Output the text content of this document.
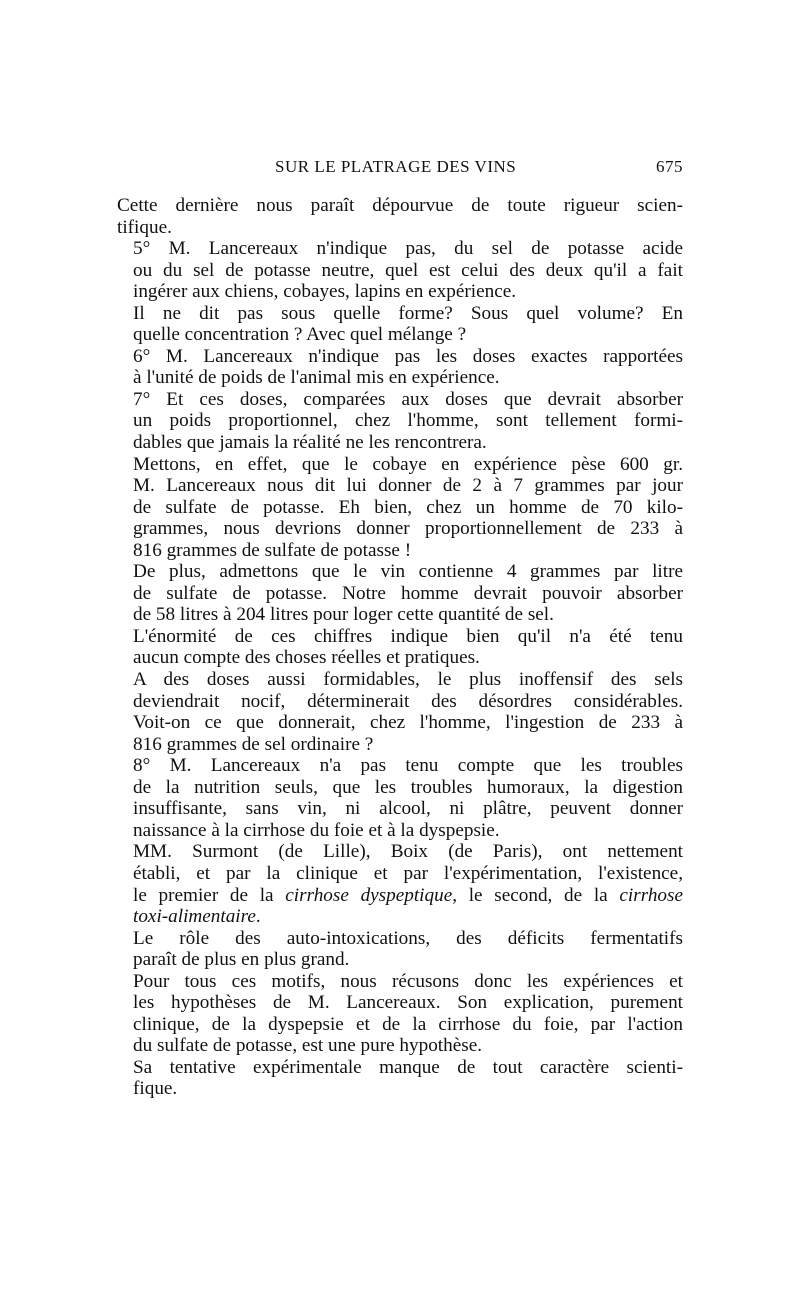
SUR LE PLATRAGE DES VINS	675

Cette dernière nous paraît dépourvue de toute rigueur scien-
tifique.

5° M. Lancereaux n'indique pas, du sel de potasse acide
ou du sel de potasse neutre, quel est celui des deux qu'il a fait
ingérer aux chiens, cobayes, lapins en expérience.

Il ne dit pas sous quelle forme? Sous quel volume? En
quelle concentration ? Avec quel mélange ?

6° M. Lancereaux n'indique pas les doses exactes rapportées
à l'unité de poids de l'animal mis en expérience.

7° Et ces doses, comparées aux doses que devrait absorber
un poids proportionnel, chez l'homme, sont tellement formi-
dables que jamais la réalité ne les rencontrera.

Mettons, en effet, que le cobaye en expérience pèse 600 gr.
M. Lancereaux nous dit lui donner de 2 à 7 grammes par jour
de sulfate de potasse. Eh bien, chez un homme de 70 kilo-
grammes, nous devrions donner proportionnellement de 233 à
816 grammes de sulfate de potasse !

De plus, admettons que le vin contienne 4 grammes par litre
de sulfate de potasse. Notre homme devrait pouvoir absorber
de 58 litres à 204 litres pour loger cette quantité de sel.

L'énormité de ces chiffres indique bien qu'il n'a été tenu
aucun compte des choses réelles et pratiques.

A des doses aussi formidables, le plus inoffensif des sels
deviendrait nocif, déterminerait des désordres considérables.
Voit-on ce que donnerait, chez l'homme, l'ingestion de 233 à
816 grammes de sel ordinaire ?

8° M. Lancereaux n'a pas tenu compte que les troubles
de la nutrition seuls, que les troubles humoraux, la digestion
insuffisante, sans vin, ni alcool, ni plâtre, peuvent donner
naissance à la cirrhose du foie et à la dyspepsie.

MM. Surmont (de Lille), Boix (de Paris), ont nettement
établi, et par la clinique et par l'expérimentation, l'existence,
le premier de la cirrhose dyspeptique, le second, de la cirrhose
toxi-alimentaire.

Le rôle des auto-intoxications, des déficits fermentatifs
paraît de plus en plus grand.

Pour tous ces motifs, nous récusons donc les expériences et
les hypothèses de M. Lancereaux. Son explication, purement
clinique, de la dyspepsie et de la cirrhose du foie, par l'action
du sulfate de potasse, est une pure hypothèse.

Sa tentative expérimentale manque de tout caractère scienti-
fique.
